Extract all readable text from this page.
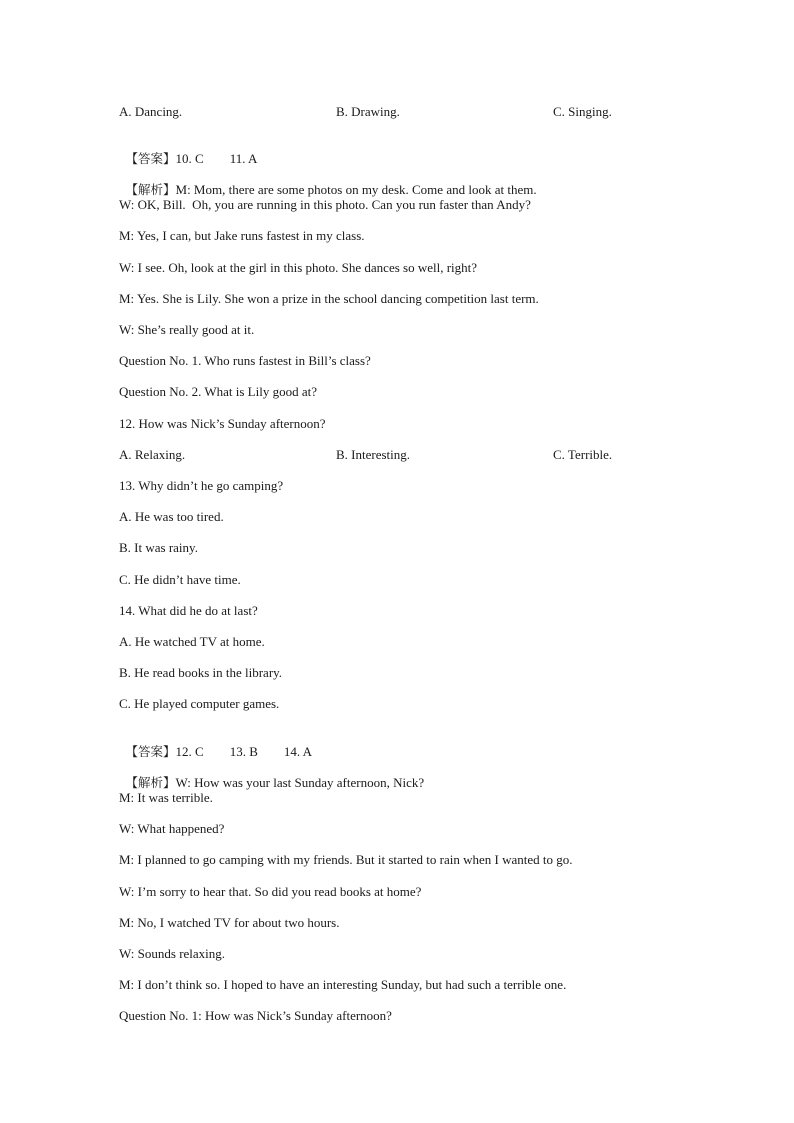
A. Dancing.	B. Drawing.	C. Singing.

【答案】10. C 11. A

【解析】M: Mom, there are some photos on my desk. Come and look at them.

W: OK, Bill.  Oh, you are running in this photo. Can you run faster than Andy?
M: Yes, I can, but Jake runs fastest in my class.
W: I see. Oh, look at the girl in this photo. She dances so well, right?
M: Yes. She is Lily. She won a prize in the school dancing competition last term.
W: She’s really good at it.
Question No. 1. Who runs fastest in Bill’s class?
Question No. 2. What is Lily good at?
12. How was Nick’s Sunday afternoon?
A. Relaxing.	B. Interesting.	C. Terrible.
13. Why didn’t he go camping?
A. He was too tired.
B. It was rainy.
C. He didn’t have time.
14. What did he do at last?
A. He watched TV at home.
B. He read books in the library.
C. He played computer games.

【答案】12. C 13. B 14. A

【解析】W: How was your last Sunday afternoon, Nick?

M: It was terrible.
W: What happened?
M: I planned to go camping with my friends. But it started to rain when I wanted to go.
W: I’m sorry to hear that. So did you read books at home?
M: No, I watched TV for about two hours.
W: Sounds relaxing.
M: I don’t think so. I hoped to have an interesting Sunday, but had such a terrible one.
Question No. 1: How was Nick’s Sunday afternoon?
